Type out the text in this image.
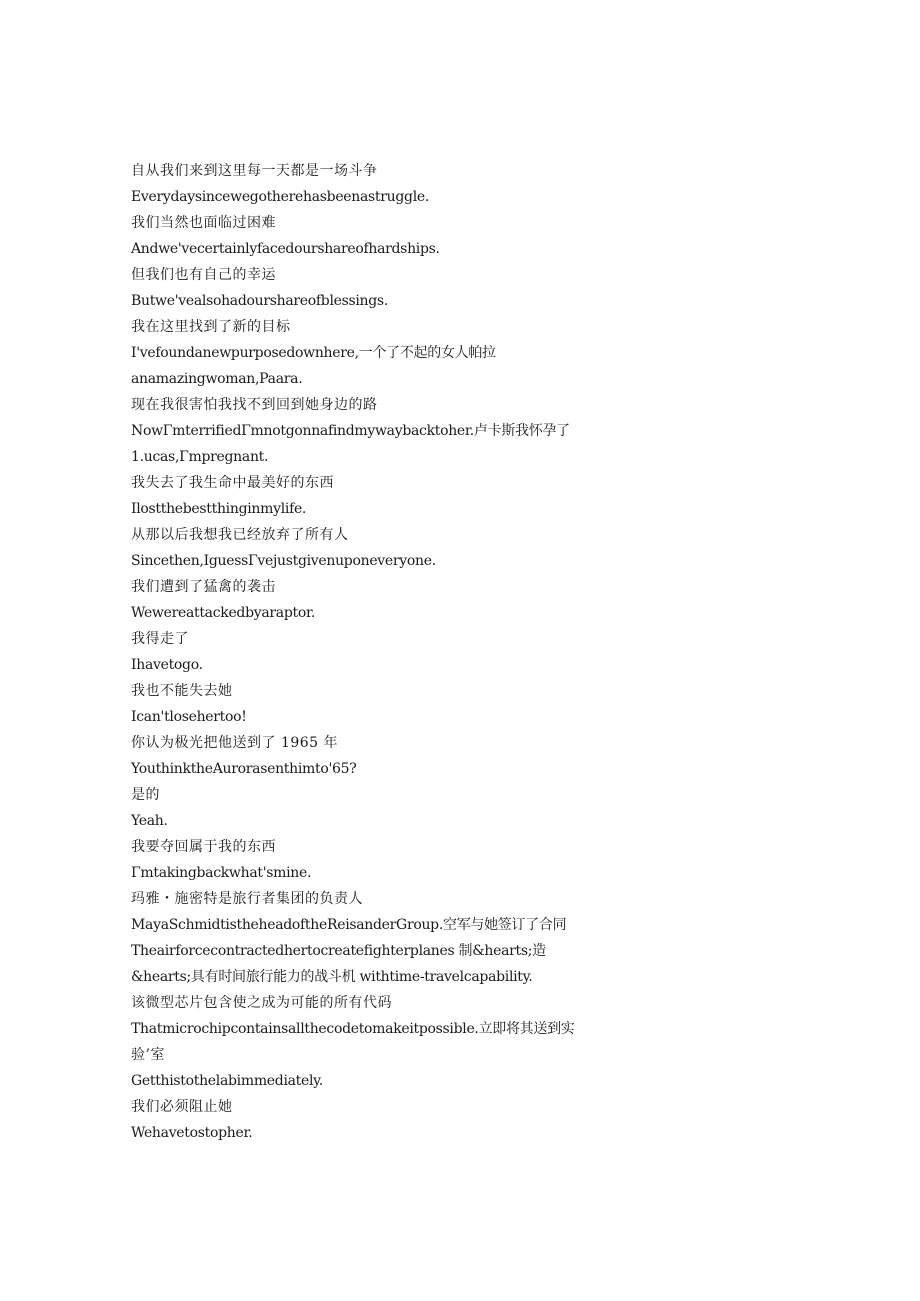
自从我们来到这里每一天都是一场斗争

Everydaysincewegotherehasbeenastruggle.

我们当然也面临过困难

Andwe'vecertainlyfacedourshareofhardships.

但我们也有自己的幸运

Butwe'vealsohadourshareofblessings.

我在这里找到了新的目标

I'vefoundanewpurposedownhere,一个了不起的女人帕拉

anamazingwoman,Paara.

现在我很害怕我找不到回到她身边的路

NowΓmterrifiedΓmnotgonnafindmywaybacktoher.卢卡斯我怀孕了

1.ucas,Γmpregnant.

我失去了我生命中最美好的东西

Ilostthebestthinginmylife.

从那以后我想我已经放弃了所有人

Sincethen,IguessΓvejustgivenuponeveryone.

我们遭到了猛禽的袭击

Wewereattackedbyaraptor.

我得走了

Ihavetogo.

我也不能失去她

Ican'tlosehertoo!

你认为极光把他送到了 1965 年

YouthinktheAurorasenthimto'65?

是的

Yeah.

我要夺回属于我的东西

Γmtakingbackwhat'smine.

玛雅・施密特是旅行者集团的负责人

MayaSchmidtistheheadoftheReisanderGroup.空军与她签订了合同

Theairforcecontractedhertocreatefighterplanes 制&hearts;造

&hearts;具有时间旅行能力的战斗机 withtime-travelcapability.

该微型芯片包含使之成为可能的所有代码

Thatmicrochipcontainsallthecodetomakeitpossible.立即将其送到实

验’室

Getthistothelabimmediately.

我们必须阻止她

Wehavetostopher.
